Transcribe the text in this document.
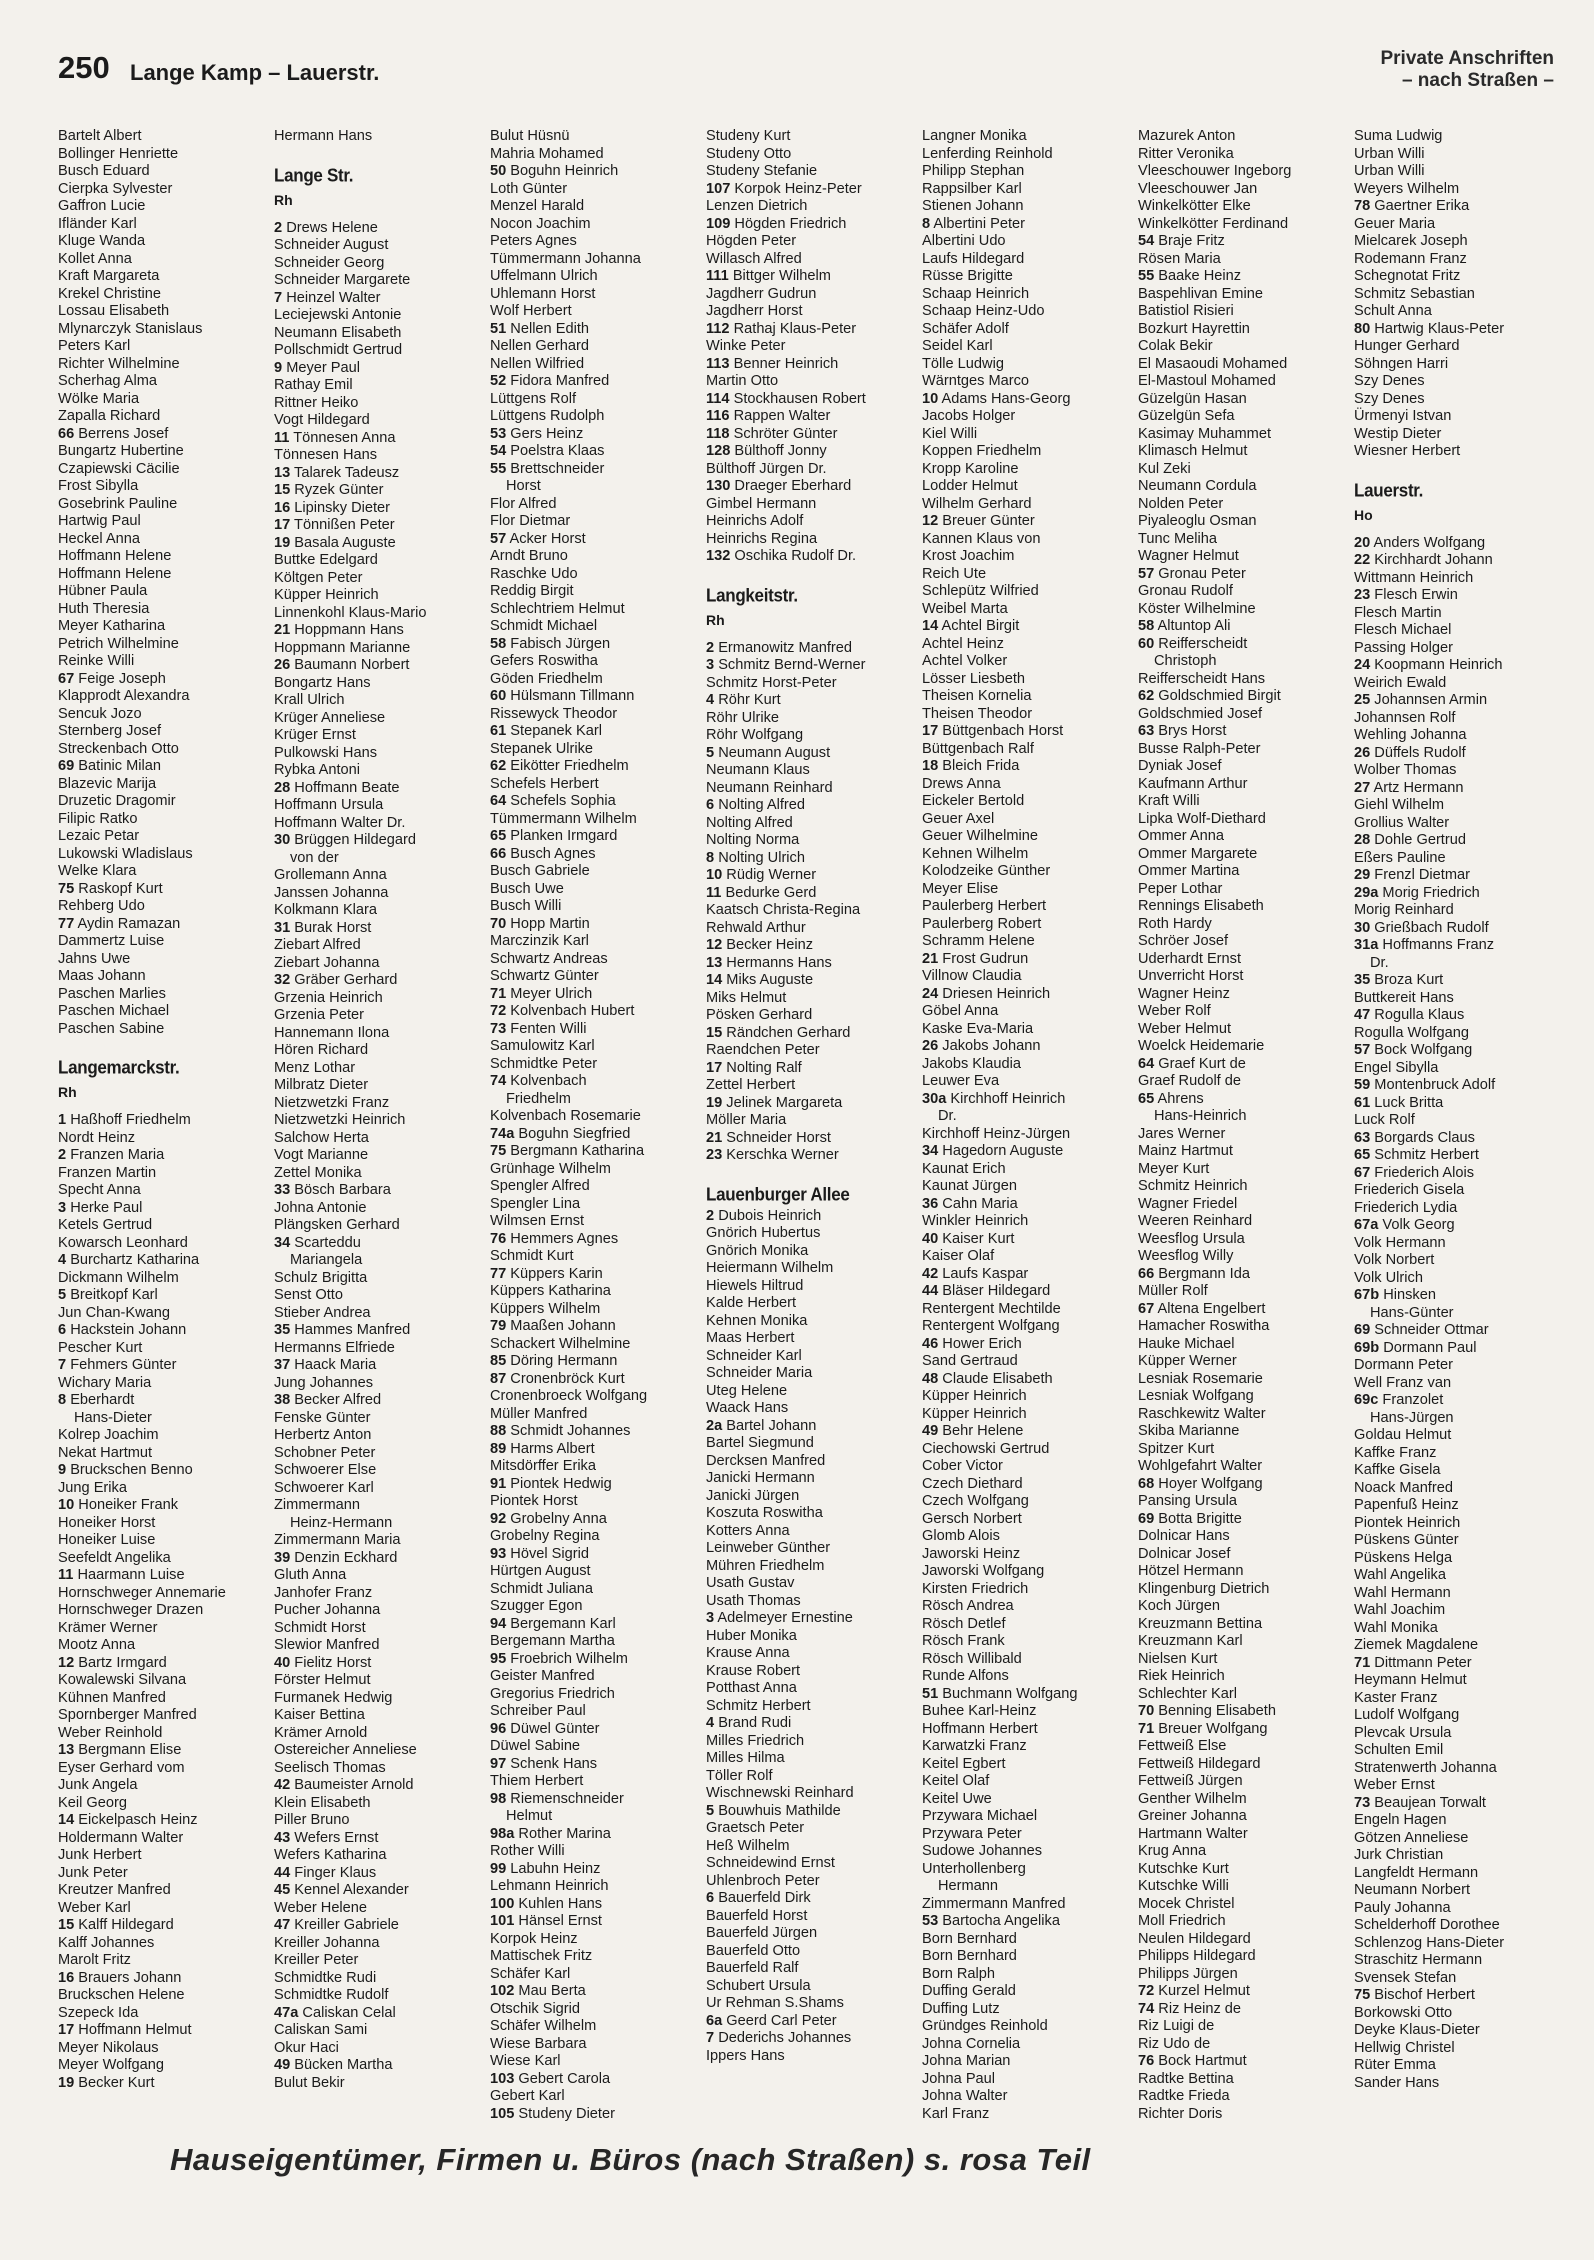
250 Lange Kamp – Lauerstr.
Private Anschriften
– nach Straßen –
Bartelt Albert
Bollinger Henriette
Busch Eduard
Cierpka Sylvester
Gaffron Lucie
Ifländer Karl
Kluge Wanda
Kollet Anna
Kraft Margareta
Krekel Christine
Lossau Elisabeth
Mlynarczyk Stanislaus
Peters Karl
Richter Wilhelmine
Scherhag Alma
Wölke Maria
Zapalla Richard
66 Berrens Josef
Bungartz Hubertine
Czapiewski Cäcilie
Frost Sibylla
Gosebrink Pauline
Hartwig Paul
Heckel Anna
Hoffmann Helene
Hoffmann Helene
Hübner Paula
Huth Theresia
Meyer Katharina
Petrich Wilhelmine
Reinke Willi
67 Feige Joseph
Klapprodt Alexandra
Sencuk Jozo
Sternberg Josef
Streckenbach Otto
69 Batinic Milan
Blazevic Marija
Druzetic Dragomir
Filipic Ratko
Lezaic Petar
Lukowski Wladislaus
Welke Klara
75 Raskopf Kurt
Rehberg Udo
77 Aydin Ramazan
Dammertz Luise
Jahns Uwe
Maas Johann
Paschen Marlies
Paschen Michael
Paschen Sabine
Langemarckstr.
Rh
1 Haßhoff Friedhelm
Nordt Heinz
2 Franzen Maria
Franzen Martin
Specht Anna
3 Herke Paul
Ketels Gertrud
Kowarsch Leonhard
4 Burchartz Katharina
Dickmann Wilhelm
5 Breitkopf Karl
Jun Chan-Kwang
6 Hackstein Johann
Pescher Kurt
7 Fehmers Günter
Wichary Maria
8 Eberhardt
Hans-Dieter
Kolrep Joachim
Nekat Hartmut
9 Bruckschen Benno
Jung Erika
10 Honeiker Frank
Honeiker Horst
Honeiker Luise
Seefeldt Angelika
11 Haarmann Luise
Hornschweger Annemarie
Hornschweger Drazen
Krämer Werner
Mootz Anna
12 Bartz Irmgard
Kowalewski Silvana
Kühnen Manfred
Spornberger Manfred
Weber Reinhold
13 Bergmann Elise
Eyser Gerhard vom
Junk Angela
Keil Georg
14 Eickelpasch Heinz
Holdermann Walter
Junk Herbert
Junk Peter
Kreutzer Manfred
Weber Karl
15 Kalff Hildegard
Kalff Johannes
Marolt Fritz
16 Brauers Johann
Bruckschen Helene
Szepeck Ida
17 Hoffmann Helmut
Meyer Nikolaus
Meyer Wolfgang
19 Becker Kurt
Hermann Hans
Lange Str.
Rh
2 Drews Helene
Schneider August
Schneider Georg
Schneider Margarete
7 Heinzel Walter
Leciejewski Antonie
Neumann Elisabeth
Pollschmidt Gertrud
9 Meyer Paul
Rathay Emil
Rittner Heiko
Vogt Hildegard
11 Tönnesen Anna
Tönnesen Hans
13 Talarek Tadeusz
15 Ryzek Günter
16 Lipinsky Dieter
17 Tönnißen Peter
19 Basala Auguste
Buttke Edelgard
Költgen Peter
Küpper Heinrich
Linnenkohl Klaus-Mario
21 Hoppmann Hans
Hoppmann Marianne
26 Baumann Norbert
Bongartz Hans
Krall Ulrich
Krüger Anneliese
Krüger Ernst
Pulkowski Hans
Rybka Antoni
28 Hoffmann Beate
Hoffmann Ursula
Hoffmann Walter Dr.
30 Brüggen Hildegard
von der
Grollemann Anna
Janssen Johanna
Kolkmann Klara
31 Burak Horst
Ziebart Alfred
Ziebart Johanna
32 Gräber Gerhard
Grzenia Heinrich
Grzenia Peter
Hannemann Ilona
Hören Richard
Menz Lothar
Milbratz Dieter
Nietzwetzki Franz
Nietzwetzki Heinrich
Salchow Herta
Vogt Marianne
Zettel Monika
33 Bösch Barbara
Johna Antonie
Plängsken Gerhard
34 Scarteddu
Mariangela
Schulz Brigitta
Senst Otto
Stieber Andrea
35 Hammes Manfred
Hermanns Elfriede
37 Haack Maria
Jung Johannes
38 Becker Alfred
Fenske Günter
Herbertz Anton
Schobner Peter
Schwoerer Else
Schwoerer Karl
Zimmermann
Heinz-Hermann
Zimmermann Maria
39 Denzin Eckhard
Gluth Anna
Janhofer Franz
Pucher Johanna
Schmidt Horst
Slewior Manfred
40 Fielitz Horst
Förster Helmut
Furmanek Hedwig
Kaiser Bettina
Krämer Arnold
Ostereicher Anneliese
Seelisch Thomas
42 Baumeister Arnold
Klein Elisabeth
Piller Bruno
43 Wefers Ernst
Wefers Katharina
44 Finger Klaus
45 Kennel Alexander
Weber Helene
47 Kreiller Gabriele
Kreiller Johanna
Kreiller Peter
Schmidtke Rudi
Schmidtke Rudolf
47a Caliskan Celal
Caliskan Sami
Okur Haci
49 Bücken Martha
Bulut Bekir
Bulut Hüsnü
Mahria Mohamed
50 Boguhn Heinrich
Loth Günter
Menzel Harald
Nocon Joachim
Peters Agnes
Tümmermann Johanna
Uffelmann Ulrich
Uhlemann Horst
Wolf Herbert
51 Nellen Edith
Nellen Gerhard
Nellen Wilfried
52 Fidora Manfred
Lüttgens Rolf
Lüttgens Rudolph
53 Gers Heinz
54 Poelstra Klaas
55 Brettschneider
Horst
Flor Alfred
Flor Dietmar
57 Acker Horst
Arndt Bruno
Raschke Udo
Reddig Birgit
Schlechtriem Helmut
Schmidt Michael
58 Fabisch Jürgen
Gefers Roswitha
Göden Friedhelm
60 Hülsmann Tillmann
Rissewyck Theodor
61 Stepanek Karl
Stepanek Ulrike
62 Eikötter Friedhelm
Schefels Herbert
64 Schefels Sophia
Tümmermann Wilhelm
65 Planken Irmgard
66 Busch Agnes
Busch Gabriele
Busch Uwe
Busch Willi
70 Hopp Martin
Marczinzik Karl
Schwartz Andreas
Schwartz Günter
71 Meyer Ulrich
72 Kolvenbach Hubert
73 Fenten Willi
Samulowitz Karl
Schmidtke Peter
74 Kolvenbach
Friedhelm
Kolvenbach Rosemarie
74a Boguhn Siegfried
75 Bergmann Katharina
Grünhage Wilhelm
Spengler Alfred
Spengler Lina
Wilmsen Ernst
76 Hemmers Agnes
Schmidt Kurt
77 Küppers Karin
Küppers Katharina
Küppers Wilhelm
79 Maaßen Johann
Schackert Wilhelmine
85 Döring Hermann
87 Cronenbröck Kurt
Cronenbroeck Wolfgang
Müller Manfred
88 Schmidt Johannes
89 Harms Albert
Mitsdörffer Erika
91 Piontek Hedwig
Piontek Horst
92 Grobelny Anna
Grobelny Regina
93 Hövel Sigrid
Hürtgen August
Schmidt Juliana
Szugger Egon
94 Bergemann Karl
Bergemann Martha
95 Froebrich Wilhelm
Geister Manfred
Gregorius Friedrich
Schreiber Paul
96 Düwel Günter
Düwel Sabine
97 Schenk Hans
Thiem Herbert
98 Riemenschneider
Helmut
98a Rother Marina
Rother Willi
99 Labuhn Heinz
Lehmann Heinrich
100 Kuhlen Hans
101 Hänsel Ernst
Korpok Heinz
Mattischek Fritz
Schäfer Karl
102 Mau Berta
Otschik Sigrid
Schäfer Wilhelm
Wiese Barbara
Wiese Karl
103 Gebert Carola
Gebert Karl
105 Studeny Dieter
Studeny Kurt
Studeny Otto
Studeny Stefanie
107 Korpok Heinz-Peter
Lenzen Dietrich
109 Högden Friedrich
Högden Peter
Willasch Alfred
111 Bittger Wilhelm
Jagdherr Gudrun
Jagdherr Horst
112 Rathaj Klaus-Peter
Winke Peter
113 Benner Heinrich
Martin Otto
114 Stockhausen Robert
116 Rappen Walter
118 Schröter Günter
128 Bülthoff Jonny
Bülthoff Jürgen Dr.
130 Draeger Eberhard
Gimbel Hermann
Heinrichs Adolf
Heinrichs Regina
132 Oschika Rudolf Dr.
Langkeitstr.
Rh
2 Ermanowitz Manfred
3 Schmitz Bernd-Werner
Schmitz Horst-Peter
4 Röhr Kurt
Röhr Ulrike
Röhr Wolfgang
5 Neumann August
Neumann Klaus
Neumann Reinhard
6 Nolting Alfred
Nolting Alfred
Nolting Norma
8 Nolting Ulrich
10 Rüdig Werner
11 Bedurke Gerd
Kaatsch Christa-Regina
Rehwald Arthur
12 Becker Heinz
13 Hermanns Hans
14 Miks Auguste
Miks Helmut
Pösken Gerhard
15 Rändchen Gerhard
Raendchen Peter
17 Nolting Ralf
Zettel Herbert
19 Jelinek Margareta
Möller Maria
21 Schneider Horst
23 Kerschka Werner
Lauenburger Allee
2 Dubois Heinrich
Gnörich Hubertus
Gnörich Monika
Heiermann Wilhelm
Hiewels Hiltrud
Kalde Herbert
Kehnen Monika
Maas Herbert
Schneider Karl
Schneider Maria
Uteg Helene
Waack Hans
2a Bartel Johann
Bartel Siegmund
Dercksen Manfred
Janicki Hermann
Janicki Jürgen
Koszuta Roswitha
Kotters Anna
Leinweber Günther
Mühren Friedhelm
Usath Gustav
Usath Thomas
3 Adelmeyer Ernestine
Huber Monika
Krause Anna
Krause Robert
Potthast Anna
Schmitz Herbert
4 Brand Rudi
Milles Friedrich
Milles Hilma
Töller Rolf
Wischnewski Reinhard
5 Bouwhuis Mathilde
Graetsch Peter
Heß Wilhelm
Schneidewind Ernst
Uhlenbroch Peter
6 Bauerfeld Dirk
Bauerfeld Horst
Bauerfeld Jürgen
Bauerfeld Otto
Bauerfeld Ralf
Schubert Ursula
Ur Rehman S.Shams
6a Geerd Carl Peter
7 Dederichs Johannes
Ippers Hans
Langner Monika
Lenferding Reinhold
Philipp Stephan
Rappsilber Karl
Stienen Johann
8 Albertini Peter
Albertini Udo
Laufs Hildegard
Rüsse Brigitte
Schaap Heinrich
Schaap Heinz-Udo
Schäfer Adolf
Seidel Karl
Tölle Ludwig
Wärntges Marco
10 Adams Hans-Georg
Jacobs Holger
Kiel Willi
Koppen Friedhelm
Kropp Karoline
Lodder Helmut
Wilhelm Gerhard
12 Breuer Günter
Kannen Klaus von
Krost Joachim
Reich Ute
Schlepütz Wilfried
Weibel Marta
14 Achtel Birgit
Achtel Heinz
Achtel Volker
Lösser Liesbeth
Theisen Kornelia
Theisen Theodor
17 Büttgenbach Horst
Büttgenbach Ralf
18 Bleich Frida
Drews Anna
Eickeler Bertold
Geuer Axel
Geuer Wilhelmine
Kehnen Wilhelm
Kolodzeike Günther
Meyer Elise
Paulerberg Herbert
Paulerberg Robert
Schramm Helene
21 Frost Gudrun
Villnow Claudia
24 Driesen Heinrich
Göbel Anna
Kaske Eva-Maria
26 Jakobs Johann
Jakobs Klaudia
Leuwer Eva
30a Kirchhoff Heinrich
Dr.
Kirchhoff Heinz-Jürgen
34 Hagedorn Auguste
Kaunat Erich
Kaunat Jürgen
36 Cahn Maria
Winkler Heinrich
40 Kaiser Kurt
Kaiser Olaf
42 Laufs Kaspar
44 Bläser Hildegard
Rentergent Mechtilde
Rentergent Wolfgang
46 Hower Erich
Sand Gertraud
48 Claude Elisabeth
Küpper Heinrich
Küpper Heinrich
49 Behr Helene
Ciechowski Gertrud
Cober Victor
Czech Diethard
Czech Wolfgang
Gersch Norbert
Glomb Alois
Jaworski Heinz
Jaworski Wolfgang
Kirsten Friedrich
Rösch Andrea
Rösch Detlef
Rösch Frank
Rösch Willibald
Runde Alfons
51 Buchmann Wolfgang
Buhee Karl-Heinz
Hoffmann Herbert
Karwatzki Franz
Keitel Egbert
Keitel Olaf
Keitel Uwe
Przywara Michael
Przywara Peter
Sudowe Johannes
Unterhollenberg
Hermann
Zimmermann Manfred
53 Bartocha Angelika
Born Bernhard
Born Bernhard
Born Ralph
Duffing Gerald
Duffing Lutz
Gründges Reinhold
Johna Cornelia
Johna Marian
Johna Paul
Johna Walter
Karl Franz
Mazurek Anton
Ritter Veronika
Vleeschouwer Ingeborg
Vleeschouwer Jan
Winkelkötter Elke
Winkelkötter Ferdinand
54 Braje Fritz
Rösen Maria
55 Baake Heinz
Baspehlivan Emine
Batistiol Risieri
Bozkurt Hayrettin
Colak Bekir
El Masaoudi Mohamed
El-Mastoul Mohamed
Güzelgün Hasan
Güzelgün Sefa
Kasimay Muhammet
Klimasch Helmut
Kul Zeki
Neumann Cordula
Nolden Peter
Piyaleoglu Osman
Tunc Meliha
Wagner Helmut
57 Gronau Peter
Gronau Rudolf
Köster Wilhelmine
58 Altuntop Ali
60 Reifferscheidt
Christoph
Reifferscheidt Hans
62 Goldschmied Birgit
Goldschmied Josef
63 Brys Horst
Busse Ralph-Peter
Dyniak Josef
Kaufmann Arthur
Kraft Willi
Lipka Wolf-Diethard
Ommer Anna
Ommer Margarete
Ommer Martina
Peper Lothar
Rennings Elisabeth
Roth Hardy
Schröer Josef
Uderhardt Ernst
Unverricht Horst
Wagner Heinz
Weber Rolf
Weber Helmut
Woelck Heidemarie
64 Graef Kurt de
Graef Rudolf de
65 Ahrens
Hans-Heinrich
Jares Werner
Mainz Hartmut
Meyer Kurt
Schmitz Heinrich
Wagner Friedel
Weeren Reinhard
Weesflog Ursula
Weesflog Willy
66 Bergmann Ida
Müller Rolf
67 Altena Engelbert
Hamacher Roswitha
Hauke Michael
Küpper Werner
Lesniak Rosemarie
Lesniak Wolfgang
Raschkewitz Walter
Skiba Marianne
Spitzer Kurt
Wohlgefahrt Walter
68 Hoyer Wolfgang
Pansing Ursula
69 Botta Brigitte
Dolnicar Hans
Dolnicar Josef
Hötzel Hermann
Klingenburg Dietrich
Koch Jürgen
Kreuzmann Bettina
Kreuzmann Karl
Nielsen Kurt
Riek Heinrich
Schlechter Karl
70 Benning Elisabeth
71 Breuer Wolfgang
Fettweiß Else
Fettweiß Hildegard
Fettweiß Jürgen
Genther Wilhelm
Greiner Johanna
Hartmann Walter
Krug Anna
Kutschke Kurt
Kutschke Willi
Mocek Christel
Moll Friedrich
Neulen Hildegard
Philipps Hildegard
Philipps Jürgen
72 Kurzel Helmut
74 Riz Heinz de
Riz Luigi de
Riz Udo de
76 Bock Hartmut
Radtke Bettina
Radtke Frieda
Richter Doris
Suma Ludwig
Urban Willi
Urban Willi
Weyers Wilhelm
78 Gaertner Erika
Geuer Maria
Mielcarek Joseph
Rodemann Franz
Schegnotat Fritz
Schmitz Sebastian
Schult Anna
80 Hartwig Klaus-Peter
Hunger Gerhard
Söhngen Harri
Szy Denes
Szy Denes
Ürmenyi Istvan
Westip Dieter
Wiesner Herbert
Lauerstr.
Ho
20 Anders Wolfgang
22 Kirchhardt Johann
Wittmann Heinrich
23 Flesch Erwin
Flesch Martin
Flesch Michael
Passing Holger
24 Koopmann Heinrich
Weirich Ewald
25 Johannsen Armin
Johannsen Rolf
Wehling Johanna
26 Düffels Rudolf
Wolber Thomas
27 Artz Hermann
Giehl Wilhelm
Grollius Walter
28 Dohle Gertrud
Eßers Pauline
29 Frenzl Dietmar
29a Morig Friedrich
Morig Reinhard
30 Grießbach Rudolf
31a Hoffmanns Franz
Dr.
35 Broza Kurt
Buttkereit Hans
47 Rogulla Klaus
Rogulla Wolfgang
57 Bock Wolfgang
Engel Sibylla
59 Montenbruck Adolf
61 Luck Britta
Luck Rolf
63 Borgards Claus
65 Schmitz Herbert
67 Friederich Alois
Friederich Gisela
Friederich Lydia
67a Volk Georg
Volk Hermann
Volk Norbert
Volk Ulrich
67b Hinsken
Hans-Günter
69 Schneider Ottmar
69b Dormann Paul
Dormann Peter
Well Franz van
69c Franzolet
Hans-Jürgen
Goldau Helmut
Kaffke Franz
Kaffke Gisela
Noack Manfred
Papenfuß Heinz
Piontek Heinrich
Püskens Günter
Püskens Helga
Wahl Angelika
Wahl Hermann
Wahl Joachim
Wahl Monika
Ziemek Magdalene
71 Dittmann Peter
Heymann Helmut
Kaster Franz
Ludolf Wolfgang
Plevcak Ursula
Schulten Emil
Stratenwerth Johanna
Weber Ernst
73 Beaujean Torwalt
Engeln Hagen
Götzen Anneliese
Jurk Christian
Langfeldt Hermann
Neumann Norbert
Pauly Johanna
Schelderhoff Dorothee
Schlenzog Hans-Dieter
Straschitz Hermann
Svensek Stefan
75 Bischof Herbert
Borkowski Otto
Deyke Klaus-Dieter
Hellwig Christel
Rüter Emma
Sander Hans
Hauseigentümer, Firmen u. Büros (nach Straßen) s. rosa Teil
